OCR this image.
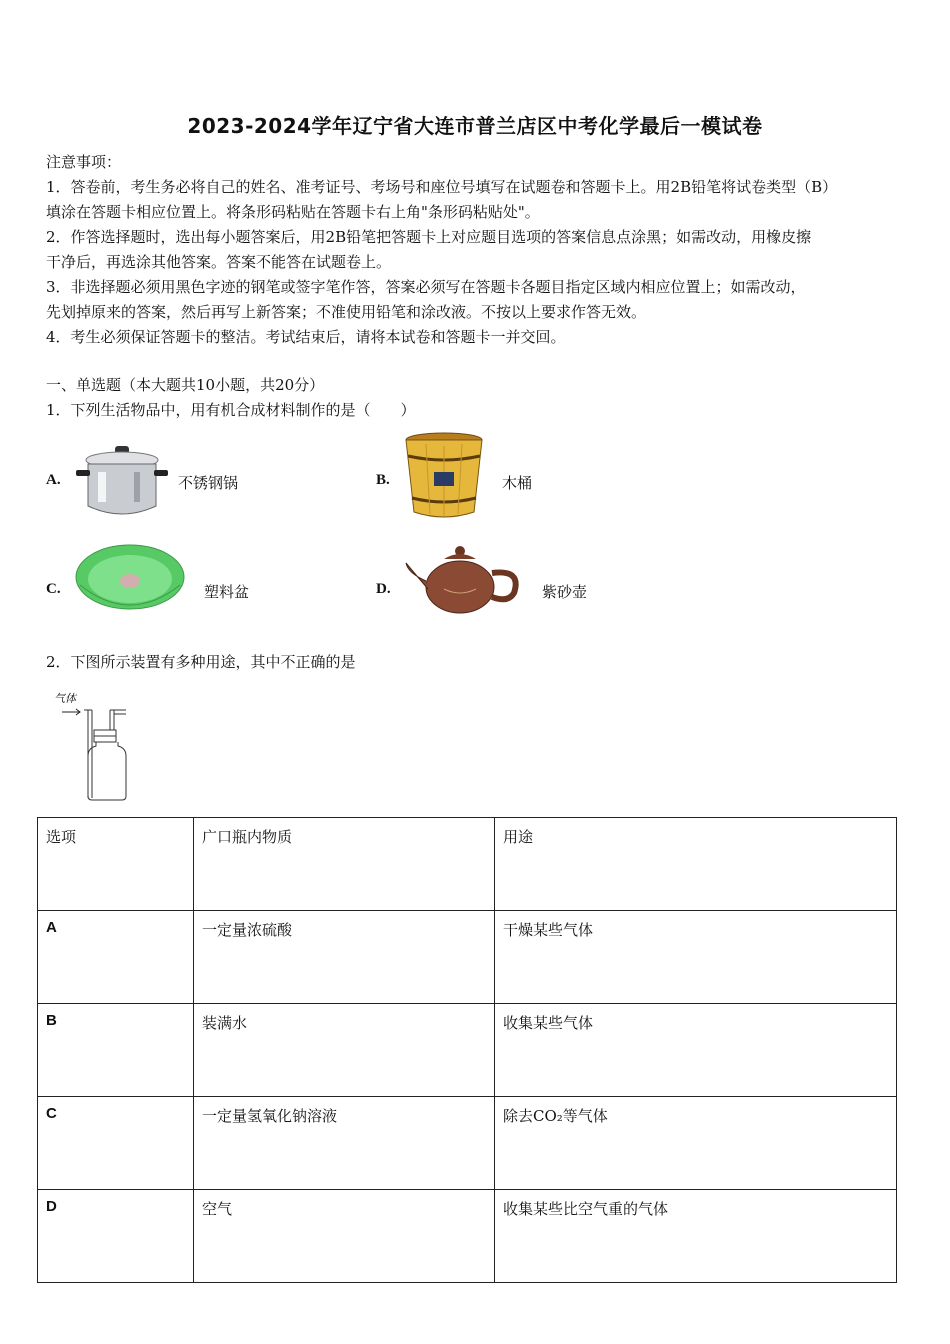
2023-2024学年辽宁省大连市普兰店区中考化学最后一模试卷

注意事项：

1．答卷前，考生务必将自己的姓名、准考证号、考场号和座位号填写在试题卷和答题卡上。用2B铅笔将试卷类型（B）

填涂在答题卡相应位置上。将条形码粘贴在答题卡右上角"条形码粘贴处"。

2．作答选择题时，选出每小题答案后，用2B铅笔把答题卡上对应题目选项的答案信息点涂黑；如需改动，用橡皮擦

干净后，再选涂其他答案。答案不能答在试题卷上。

3．非选择题必须用黑色字迹的钢笔或签字笔作答，答案必须写在答题卡各题目指定区域内相应位置上；如需改动，

先划掉原来的答案，然后再写上新答案；不准使用铅笔和涂改液。不按以上要求作答无效。

4．考生必须保证答题卡的整洁。考试结束后，请将本试卷和答题卡一并交回。

一、单选题（本大题共10小题，共20分）
1．下列生活物品中，用有机合成材料制作的是（　　）
A.	不锈钢锅	B.	木桶
C.	塑料盆	D.	紫砂壶
2．下图所示装置有多种用途，其中不正确的是
气体
选项	广口瓶内物质	用途
A	一定量浓硫酸	干燥某些气体
B	装满水	收集某些气体
C	一定量氢氧化钠溶液	除去CO₂等气体
D	空气	收集某些比空气重的气体
